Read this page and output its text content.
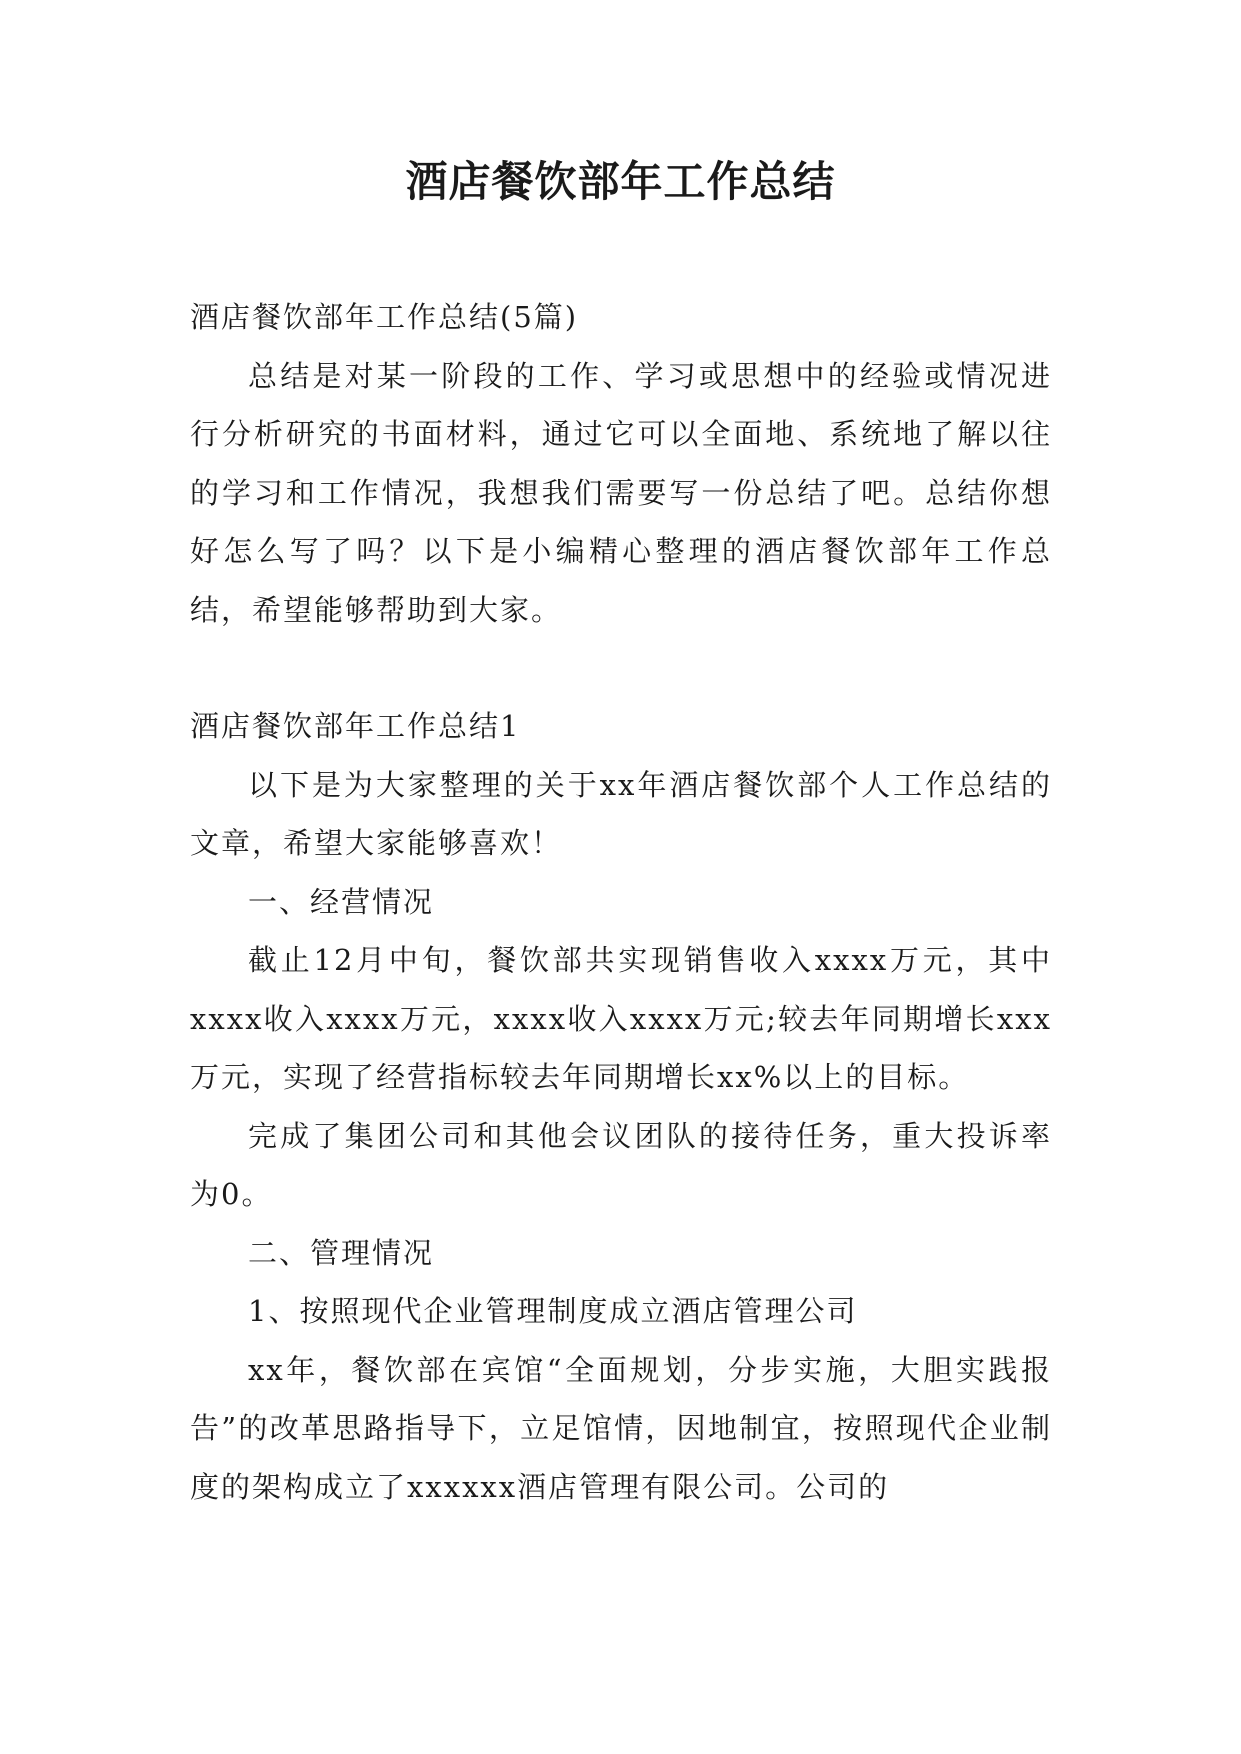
酒店餐饮部年工作总结

酒店餐饮部年工作总结(5篇)

总结是对某一阶段的工作、学习或思想中的经验或情况进行分析研究的书面材料，通过它可以全面地、系统地了解以往的学习和工作情况，我想我们需要写一份总结了吧。总结你想好怎么写了吗？以下是小编精心整理的酒店餐饮部年工作总结，希望能够帮助到大家。

酒店餐饮部年工作总结1

以下是为大家整理的关于xx年酒店餐饮部个人工作总结的文章，希望大家能够喜欢！

一、经营情况

截止12月中旬，餐饮部共实现销售收入xxxx万元，其中xxxx收入xxxx万元，xxxx收入xxxx万元;较去年同期增长xxx万元，实现了经营指标较去年同期增长xx%以上的目标。

完成了集团公司和其他会议团队的接待任务，重大投诉率为0。

二、管理情况

1、按照现代企业管理制度成立酒店管理公司

xx年，餐饮部在宾馆“全面规划，分步实施，大胆实践报告”的改革思路指导下，立足馆情，因地制宜，按照现代企业制度的架构成立了xxxxxx酒店管理有限公司。公司的
